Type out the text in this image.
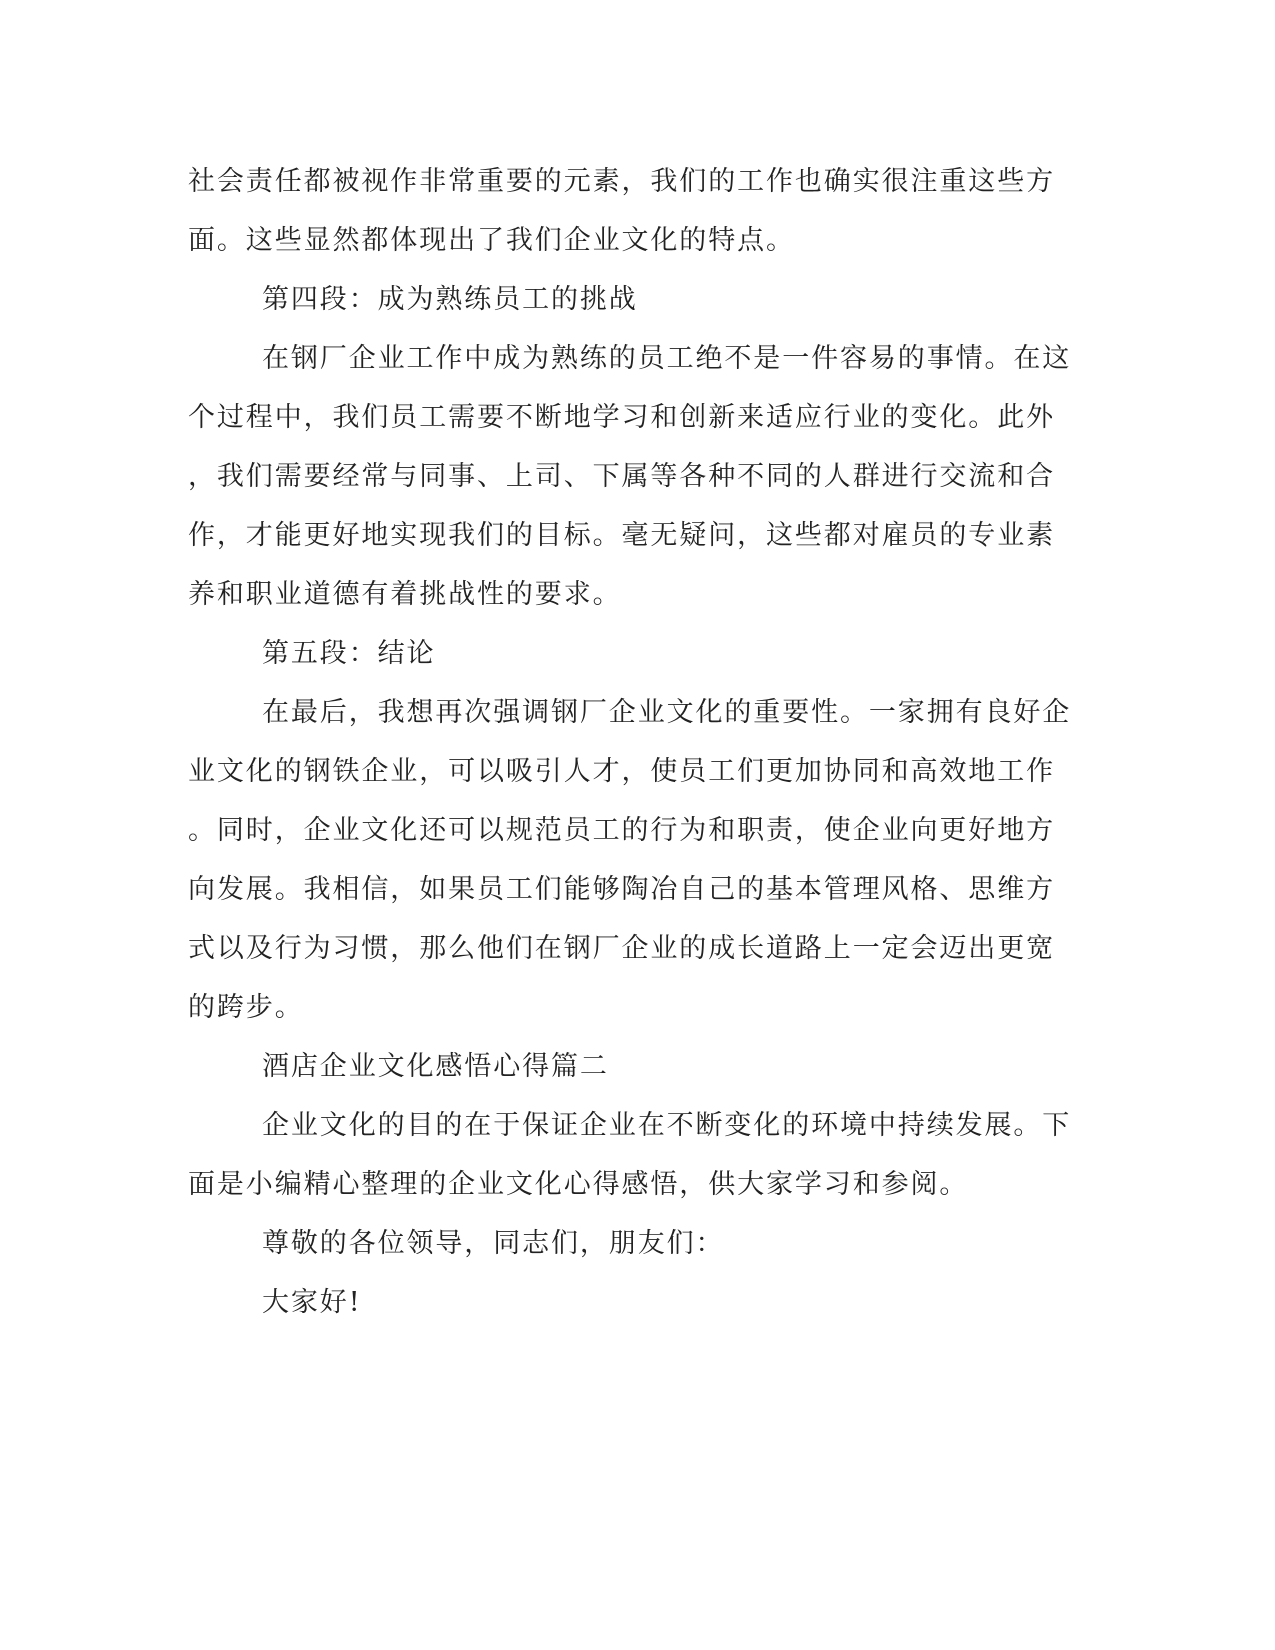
社会责任都被视作非常重要的元素，我们的工作也确实很注重这些方
面。这些显然都体现出了我们企业文化的特点。
第四段：成为熟练员工的挑战
在钢厂企业工作中成为熟练的员工绝不是一件容易的事情。在这
个过程中，我们员工需要不断地学习和创新来适应行业的变化。此外
，我们需要经常与同事、上司、下属等各种不同的人群进行交流和合
作，才能更好地实现我们的目标。毫无疑问，这些都对雇员的专业素
养和职业道德有着挑战性的要求。
第五段：结论
在最后，我想再次强调钢厂企业文化的重要性。一家拥有良好企
业文化的钢铁企业，可以吸引人才，使员工们更加协同和高效地工作
。同时，企业文化还可以规范员工的行为和职责，使企业向更好地方
向发展。我相信，如果员工们能够陶冶自己的基本管理风格、思维方
式以及行为习惯，那么他们在钢厂企业的成长道路上一定会迈出更宽
的跨步。
酒店企业文化感悟心得篇二
企业文化的目的在于保证企业在不断变化的环境中持续发展。下
面是小编精心整理的企业文化心得感悟，供大家学习和参阅。
尊敬的各位领导，同志们，朋友们：
大家好!
